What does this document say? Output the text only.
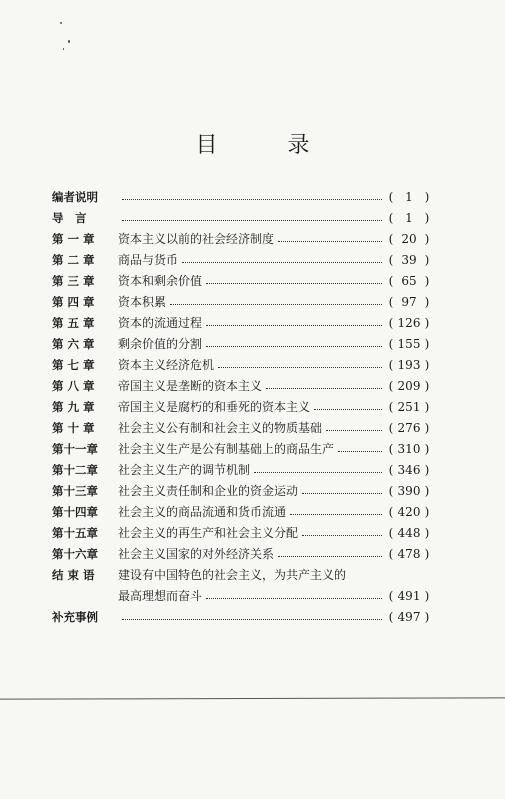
目　录
编者说明	( 1 )
导　言	( 1 )
第 一 章	资本主义以前的社会经济制度	( 20 )
第 二 章	商品与货币	( 39 )
第 三 章	资本和剩余价值	( 65 )
第 四 章	资本积累	( 97 )
第 五 章	资本的流通过程	( 126 )
第 六 章	剩余价值的分割	( 155 )
第 七 章	资本主义经济危机	( 193 )
第 八 章	帝国主义是垄断的资本主义	( 209 )
第 九 章	帝国主义是腐朽的和垂死的资本主义	( 251 )
第 十 章	社会主义公有制和社会主义的物质基础	( 276 )
第十一章	社会主义生产是公有制基础上的商品生产	( 310 )
第十二章	社会主义生产的调节机制	( 346 )
第十三章	社会主义责任制和企业的资金运动	( 390 )
第十四章	社会主义的商品流通和货币流通	( 420 )
第十五章	社会主义的再生产和社会主义分配	( 448 )
第十六章	社会主义国家的对外经济关系	( 478 )
结 束 语	建设有中国特色的社会主义，为共产主义的
最高理想而奋斗	( 491 )
补充事例	( 497 )
